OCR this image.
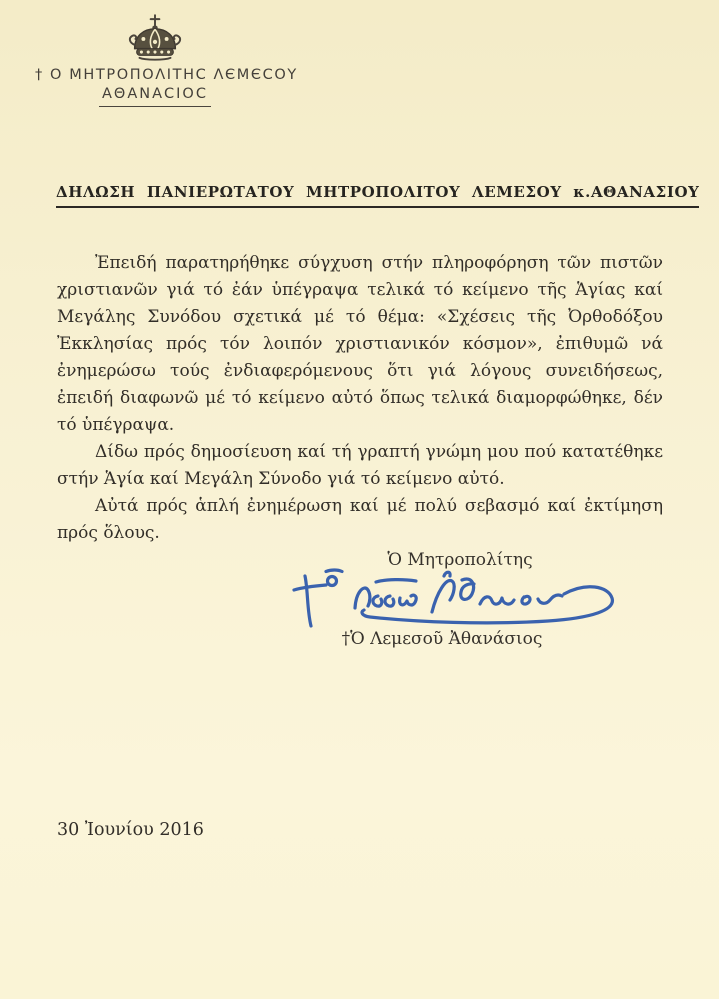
† Ο ΜΗΤΡΟΠΟΛΙΤΗC ΛЄΜЄCΟΥ
ΑΘΑΝΑCΙΟC
ΔΗΛΩΣΗ  ΠΑΝΙΕΡΩΤΑΤΟΥ  ΜΗΤΡΟΠΟΛΙΤΟΥ  ΛΕΜΕΣΟΥ  κ.ΑΘΑΝΑΣΙΟΥ

Ἐπειδή παρατηρήθηκε σύγχυση στήν πληροφόρηση τῶν πιστῶν χριστιανῶν γιά τό ἐάν ὑπέγραψα τελικά τό κείμενο τῆς Ἁγίας καί Μεγάλης Συνόδου σχετικά μέ τό θέμα: «Σχέσεις τῆς Ὀρθοδόξου Ἐκκλησίας πρός τόν λοιπόν χριστιανικόν κόσμον», ἐπιθυμῶ νά ἐνημερώσω τούς ἐνδιαφερόμενους ὅτι γιά λόγους συνειδήσεως, ἐπειδή διαφωνῶ μέ τό κείμενο αὐτό ὅπως τελικά διαμορφώθηκε, δέν τό ὑπέγραψα.

Δίδω πρός δημοσίευση καί τή γραπτή γνώμη μου πού κατατέθηκε στήν Ἁγία καί Μεγάλη Σύνοδο γιά τό κείμενο αὐτό.

Αὐτά πρός ἁπλή ἐνημέρωση καί μέ πολύ σεβασμό καί ἐκτίμηση πρός ὅλους.

Ὁ Μητροπολίτης
†Ὁ Λεμεσοῦ Ἀθανάσιος
30 Ἰουνίου 2016
